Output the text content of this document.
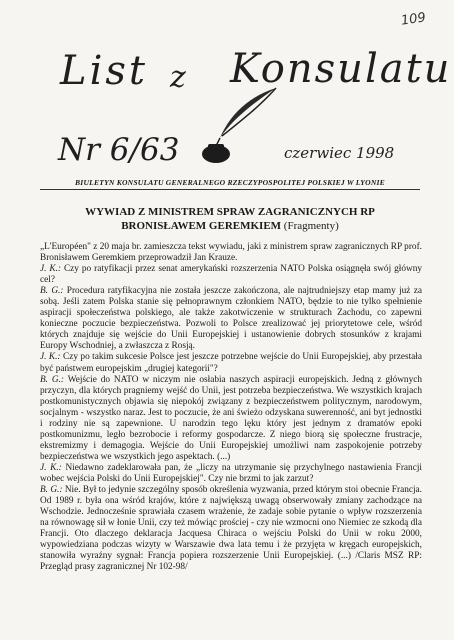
109
List z Konsulatu
Nr 6/63	czerwiec 1998
BIULETYN KONSULATU GENERALNEGO RZECZYPOSPOLITEJ POLSKIEJ W LYONIE
WYWIAD Z MINISTREM SPRAW ZAGRANICZNYCH RP
BRONISŁAWEM GEREMKIEM (Fragmenty)

„L'Européen" z 20 maja br. zamieszcza tekst wywiadu, jaki z ministrem spraw zagranicznych RP prof. Bronisławem Geremkiem przeprowadził Jan Krauze.

J. K.: Czy po ratyfikacji przez senat amerykański rozszerzenia NATO Polska osiągnęła swój główny cel?

B. G.: Procedura ratyfikacyjna nie została jeszcze zakończona, ale najtrudniejszy etap mamy już za sobą. Jeśli zatem Polska stanie się pełnoprawnym członkiem NATO, będzie to nie tylko spełnienie aspiracji społeczeństwa polskiego, ale także zakotwiczenie w strukturach Zachodu, co zapewni konieczne poczucie bezpieczeństwa. Pozwoli to Polsce zrealizować jej priorytetowe cele, wśród których znajduje się wejście do Unii Europejskiej i ustanowienie dobrych stosunków z krajami Europy Wschodniej, a zwłaszcza z Rosją.

J. K.: Czy po takim sukcesie Polsce jest jeszcze potrzebne wejście do Unii Europejskiej, aby przestała być państwem europejskim „drugiej kategorii"?

B. G.: Wejście do NATO w niczym nie osłabia naszych aspiracji europejskich. Jedną z głównych przyczyn, dla których pragniemy wejść do Unii, jest potrzeba bezpieczeństwa. We wszystkich krajach postkomunistycznych objawia się niepokój związany z bezpieczeństwem politycznym, narodowym, socjalnym - wszystko naraz. Jest to poczucie, że ani świeżo odzyskana suwerenność, ani byt jednostki i rodziny nie są zapewnione. U narodzin tego lęku który jest jednym z dramatów epoki postkomunizmu, legło bezrobocie i reformy gospodarcze. Z niego biorą się społeczne frustracje, ekstremizmy i demagogia. Wejście do Unii Europejskiej umożliwi nam zaspokojenie potrzeby bezpieczeństwa we wszystkich jego aspektach. (...)

J. K.: Niedawno zadeklarowała pan, że „liczy na utrzymanie się przychylnego nastawienia Francji wobec wejścia Polski do Unii Europejskiej". Czy nie brzmi to jak zarzut?

B. G.: Nie. Był to jedynie szczególny sposób określenia wyzwania, przed którym stoi obecnie Francja. Od 1989 r. była ona wśród krajów, które z największą uwagą obserwowały zmiany zachodzące na Wschodzie. Jednocześnie sprawiała czasem wrażenie, że zadaje sobie pytanie o wpływ rozszerzenia na równowagę sił w łonie Unii, czy też mówiąc prościej - czy nie wzmocni ono Niemiec ze szkodą dla Francji. Oto dlaczego deklaracja Jacquesa Chiraca o wejściu Polski do Unii w roku 2000, wypowiedziana podczas wizyty w Warszawie dwa lata temu i że przyjęta w kręgach europejskich, stanowiła wyraźny sygnał: Francja popiera rozszerzenie Unii Europejskiej. (...) /Claris MSZ RP: Przegląd prasy zagranicznej Nr 102-98/
